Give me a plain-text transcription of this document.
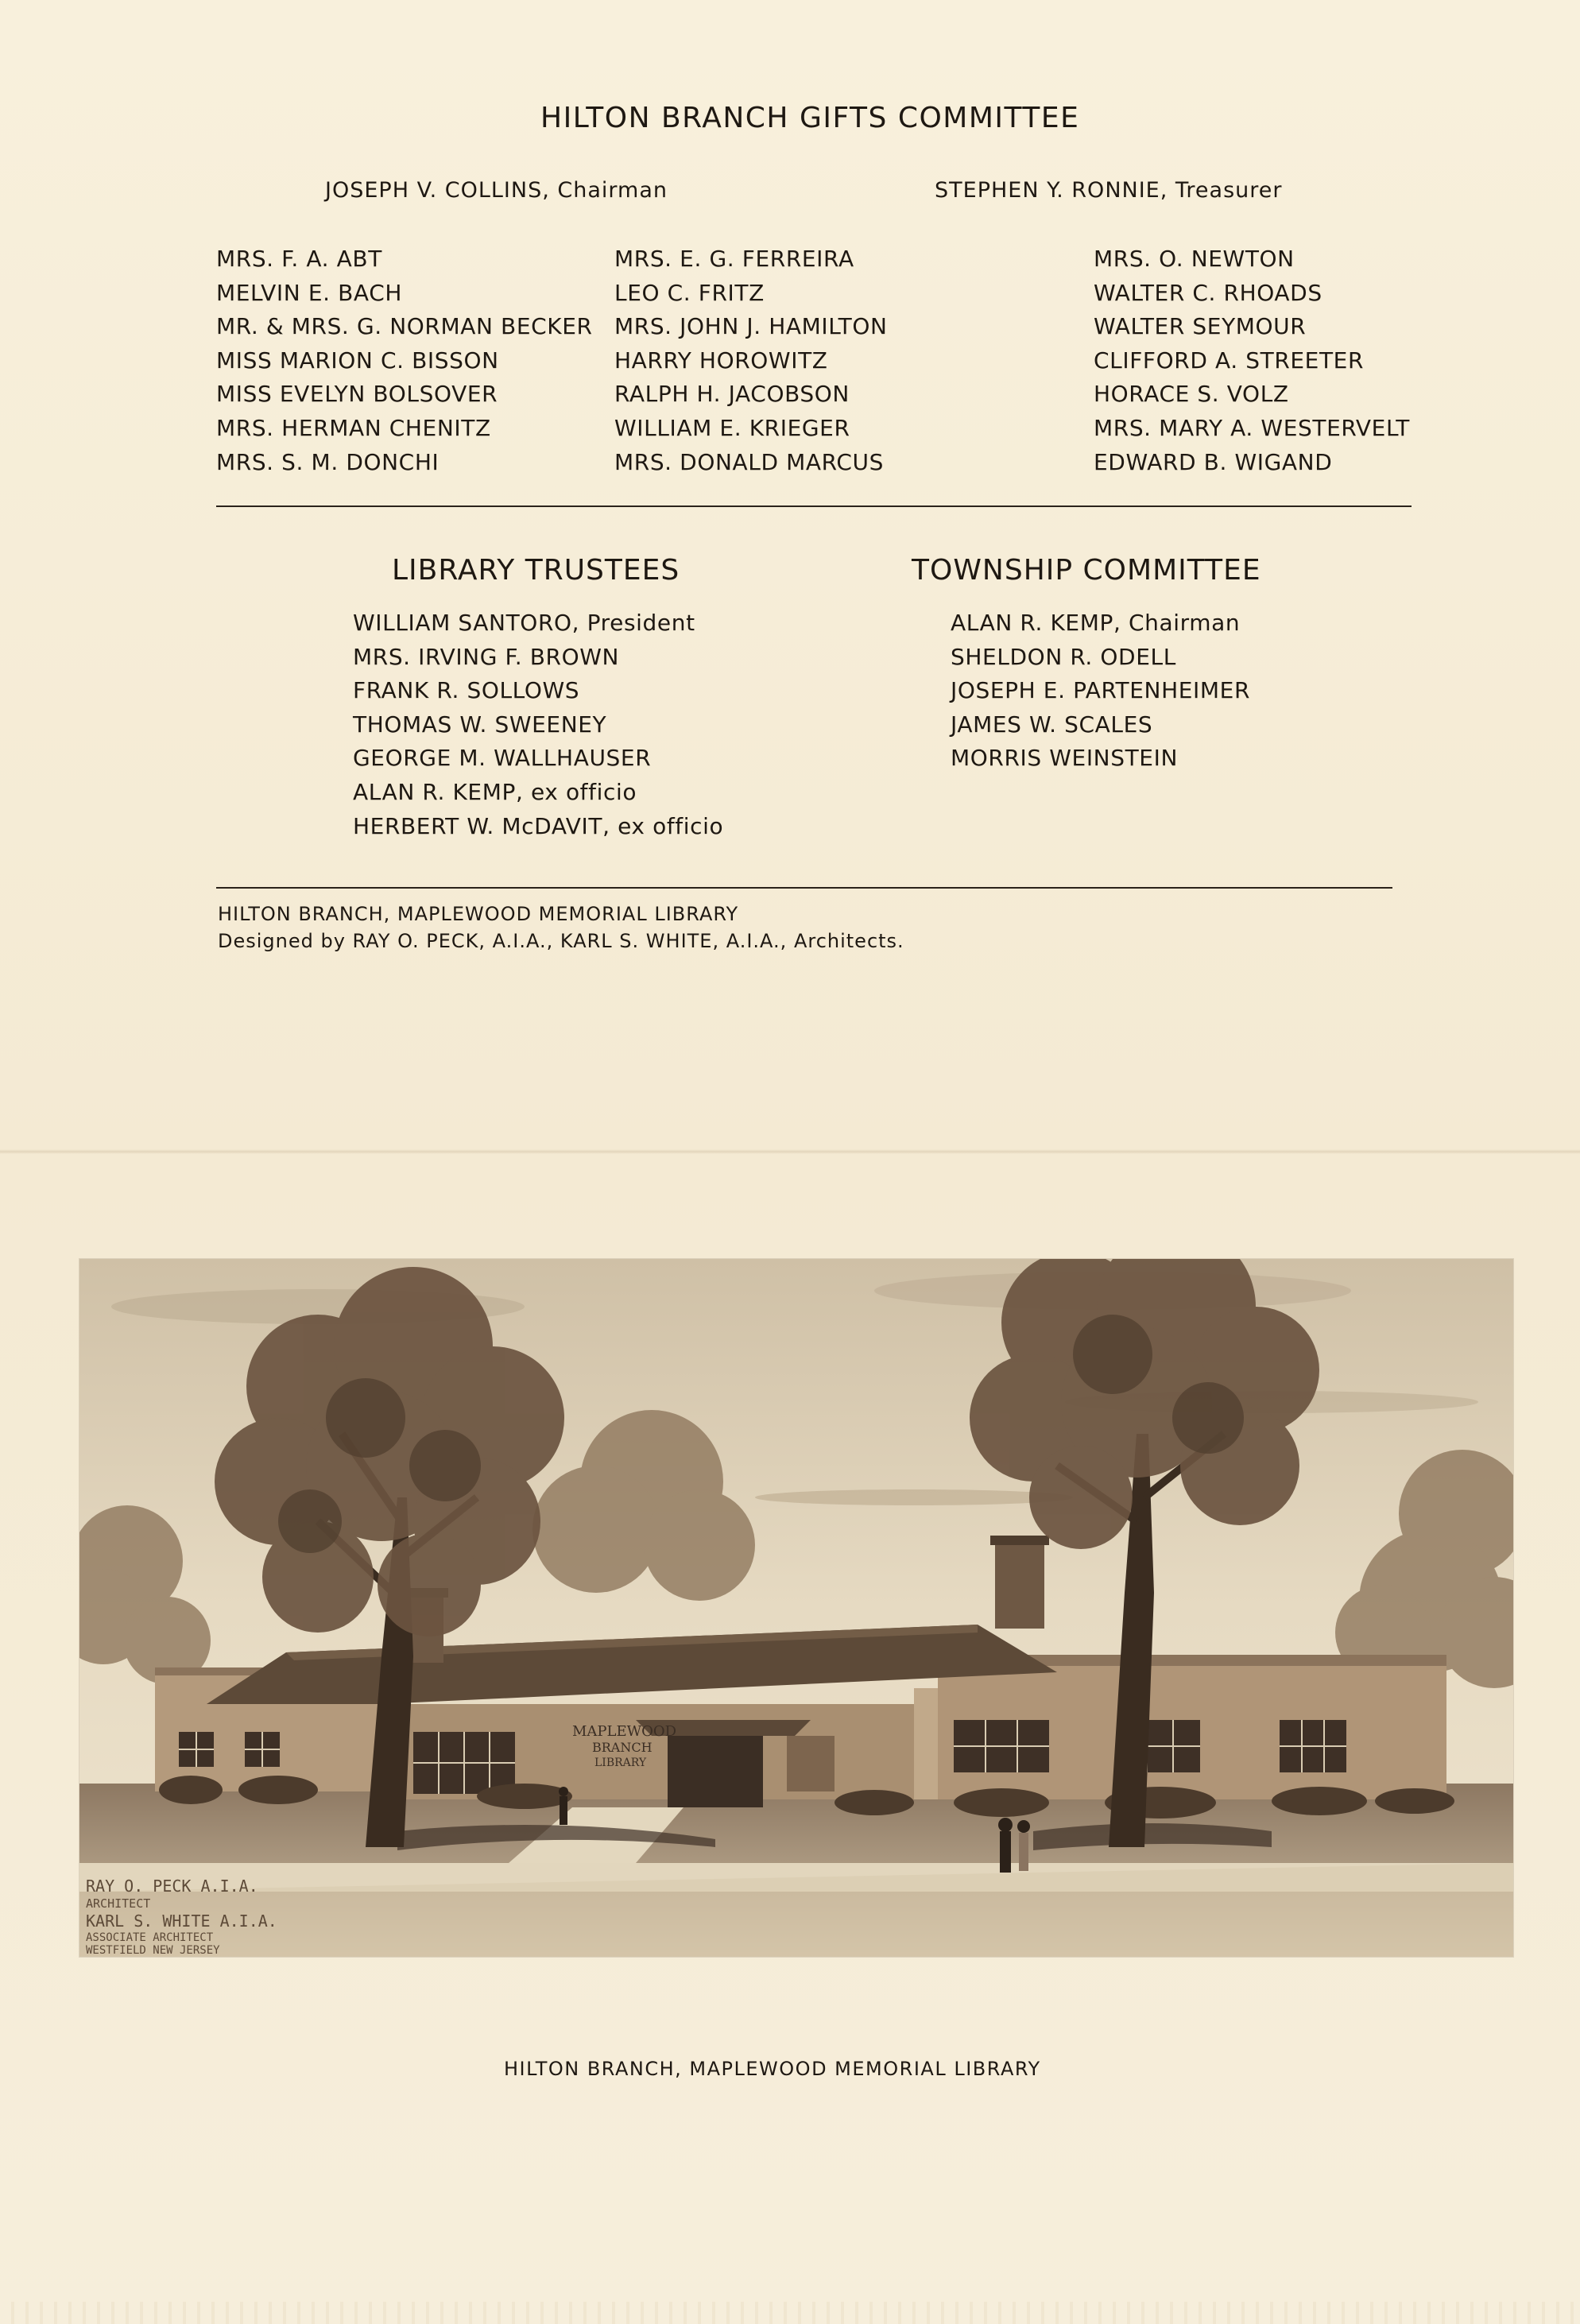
HILTON BRANCH GIFTS COMMITTEE
JOSEPH V. COLLINS, Chairman	STEPHEN Y. RONNIE, Treasurer
MRS. F. A. ABT
MELVIN E. BACH
MR. & MRS. G. NORMAN BECKER
MISS MARION C. BISSON
MISS EVELYN BOLSOVER
MRS. HERMAN CHENITZ
MRS. S. M. DONCHI
MRS. E. G. FERREIRA
LEO C. FRITZ
MRS. JOHN J. HAMILTON
HARRY HOROWITZ
RALPH H. JACOBSON
WILLIAM E. KRIEGER
MRS. DONALD MARCUS
MRS. O. NEWTON
WALTER C. RHOADS
WALTER SEYMOUR
CLIFFORD A. STREETER
HORACE S. VOLZ
MRS. MARY A. WESTERVELT
EDWARD B. WIGAND
LIBRARY TRUSTEES
WILLIAM SANTORO, President
MRS. IRVING F. BROWN
FRANK R. SOLLOWS
THOMAS W. SWEENEY
GEORGE M. WALLHAUSER
ALAN R. KEMP, ex officio
HERBERT W. McDAVIT, ex officio
TOWNSHIP COMMITTEE
ALAN R. KEMP, Chairman
SHELDON R. ODELL
JOSEPH E. PARTENHEIMER
JAMES W. SCALES
MORRIS WEINSTEIN
HILTON BRANCH, MAPLEWOOD MEMORIAL LIBRARY
Designed by RAY O. PECK, A.I.A., KARL S. WHITE, A.I.A., Architects.
MAPLEWOOD
BRANCH
LIBRARY
RAY O. PECK A.I.A.
ARCHITECT
KARL S. WHITE A.I.A.
ASSOCIATE ARCHITECT
WESTFIELD NEW JERSEY
HILTON BRANCH, MAPLEWOOD MEMORIAL LIBRARY
